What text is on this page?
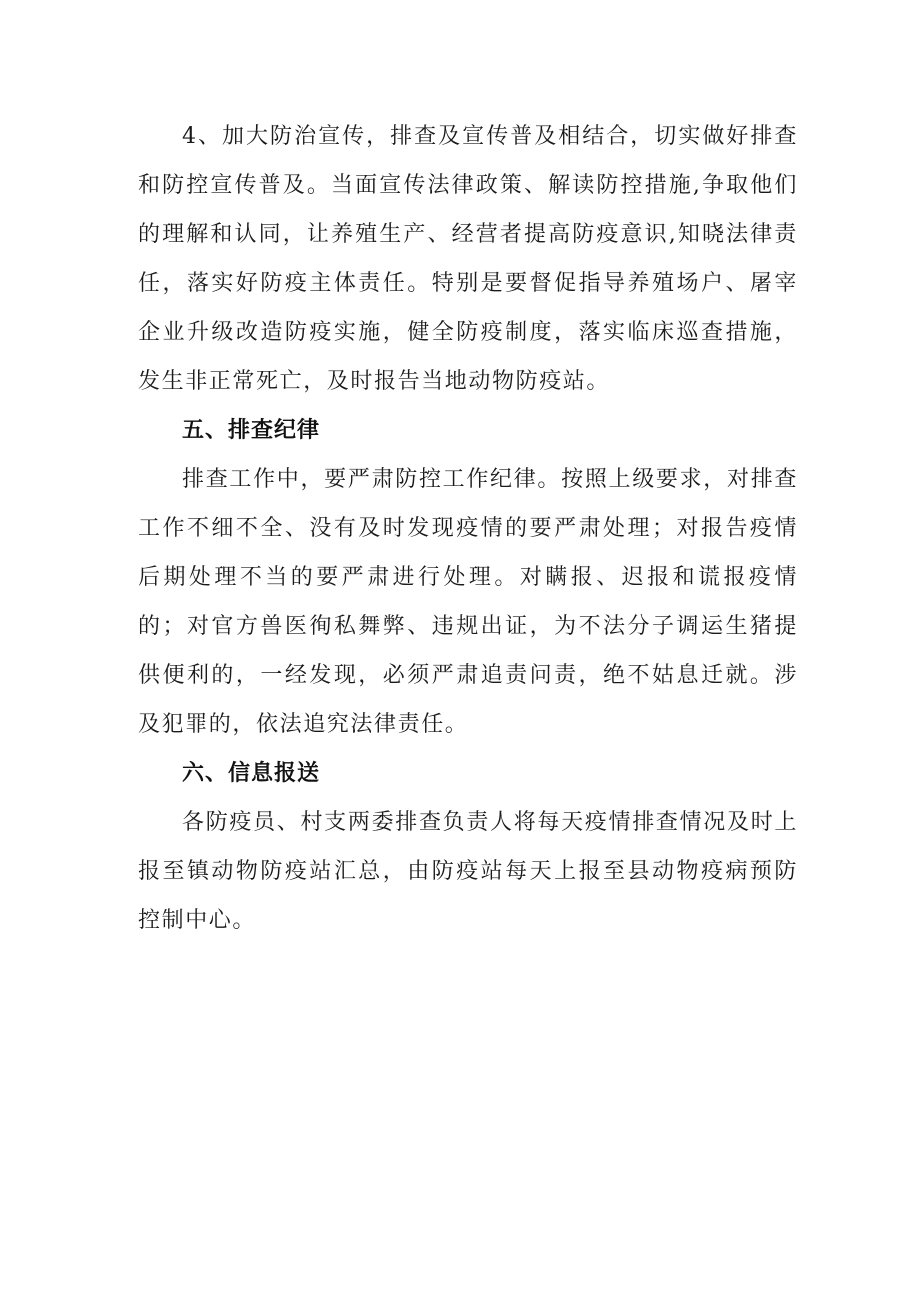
4、加大防治宣传，排查及宣传普及相结合，切实做好排查和防控宣传普及。当面宣传法律政策、解读防控措施,争取他们的理解和认同，让养殖生产、经营者提高防疫意识,知晓法律责任，落实好防疫主体责任。特别是要督促指导养殖场户、屠宰企业升级改造防疫实施，健全防疫制度，落实临床巡查措施，发生非正常死亡，及时报告当地动物防疫站。

五、排查纪律

排查工作中，要严肃防控工作纪律。按照上级要求，对排查工作不细不全、没有及时发现疫情的要严肃处理；对报告疫情后期处理不当的要严肃进行处理。对瞒报、迟报和谎报疫情的；对官方兽医徇私舞弊、违规出证，为不法分子调运生猪提供便利的，一经发现，必须严肃追责问责，绝不姑息迁就。涉及犯罪的，依法追究法律责任。

六、信息报送

各防疫员、村支两委排查负责人将每天疫情排查情况及时上报至镇动物防疫站汇总，由防疫站每天上报至县动物疫病预防控制中心。
